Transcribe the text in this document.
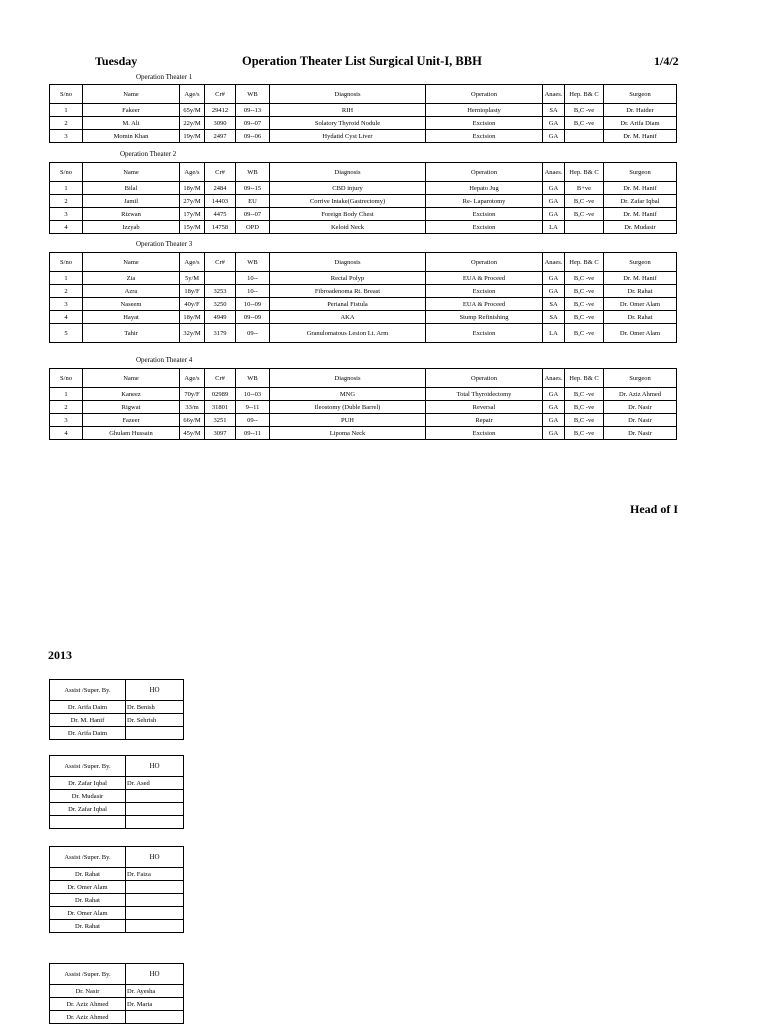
Tuesday	Operation Theater List Surgical Unit-I, BBH	1/4/2
Operation Theater 1
S/no	Name	Age/s	Cr#	WB	Diagnosis	Operation	Anaes.	Hep. B& C	Surgeon
1	Fakeer	65y/M	29412	09--13	RIH	Hernioplasty	SA	B,C -ve	Dr. Haider
2	M. Ali	22y/M	3090	09--07	Solatory Thyroid Nodule	Excision	GA	B,C -ve	Dr. Arifa Diam
3	Momin Khan	19y/M	2497	09--06	Hydatid Cyst Liver	Excision	GA		Dr. M. Hanif
Operation Theater 2
S/no	Name	Age/s	Cr#	WB	Diagnosis	Operation	Anaes.	Hep. B& C	Surgeon
1	Bilal	18y/M	2484	09--15	CBD injury	Hepato Jug	GA	B+ve	Dr. M. Hanif
2	Jamil	27y/M	14403	EU	Corrive Intake(Gastrectomy)	Re- Laparotomy	GA	B,C -ve	Dr. Zafar Iqbal
3	Rizwan	17y/M	4475	09--07	Foreign Body Chest	Excision	GA	B,C -ve	Dr. M. Hanif
4	Izzyab	15y/M	14758	OPD	Keloid Neck	Excision	LA		Dr. Mudasir
Operation Theater 3
S/no	Name	Age/s	Cr#	WB	Diagnosis	Operation	Anaes.	Hep. B& C	Surgeon
1	Zia	5y/M		10--	Rectal Polyp	EUA & Proceed	GA	B,C -ve	Dr. M. Hanif
2	Azra	18y/F	3253	10--	Fibroadenoma Rt. Breast	Excision	GA	B,C -ve	Dr. Rahat
3	Naseem	40y/F	3250	10--09	Perianal Fistula	EUA & Proceed	SA	B,C -ve	Dr. Omer Alam
4	Hayat	18y/M	4949	09--09	AKA	Stump Refinishing	SA	B,C -ve	Dr. Rahat
5	Tahir	32y/M	3179	09--	Granulomatous Lesion Lt. Arm	Excision	LA	B,C -ve	Dr. Omer Alam
Operation Theater 4
S/no	Name	Age/s	Cr#	WB	Diagnosis	Operation	Anaes.	Hep. B& C	Surgeon
1	Kaneez	70y/F	02989	10--03	MNG	Total Thyroidectomy	GA	B,C -ve	Dr. Aziz Ahmed
2	Rigwat	33/m	31801	9--11	Ileostomy (Duble Barrel)	Reversal	GA	B,C -ve	Dr. Nasir
3	Fazeer	66y/M	3251	09--	PUH	Repair	GA	B,C -ve	Dr. Nasir
4	Ghulam Hussain	45y/M	3097	09--11	Lipoma Neck	Excision	GA	B,C -ve	Dr. Nasir
Head of I
2013
Assist /Super. By.	HO
Dr. Arifa Daim	Dr. Benish
Dr. M. Hanif	Dr. Sehrish
Dr. Arifa Daim	
Assist /Super. By.	HO
Dr. Zafar Iqbal	Dr. Ased
Dr. Mudasir	
Dr. Zafar Iqbal	

Assist /Super. By.	HO
Dr. Rahat	Dr. Faiza
Dr. Omer Alam	
Dr. Rahat	
Dr. Omer Alam	
Dr. Rahat	
Assist /Super. By.	HO
Dr. Nasir	Dr. Ayesha
Dr. Aziz Ahmed	Dr. Maria
Dr. Aziz Ahmed	
